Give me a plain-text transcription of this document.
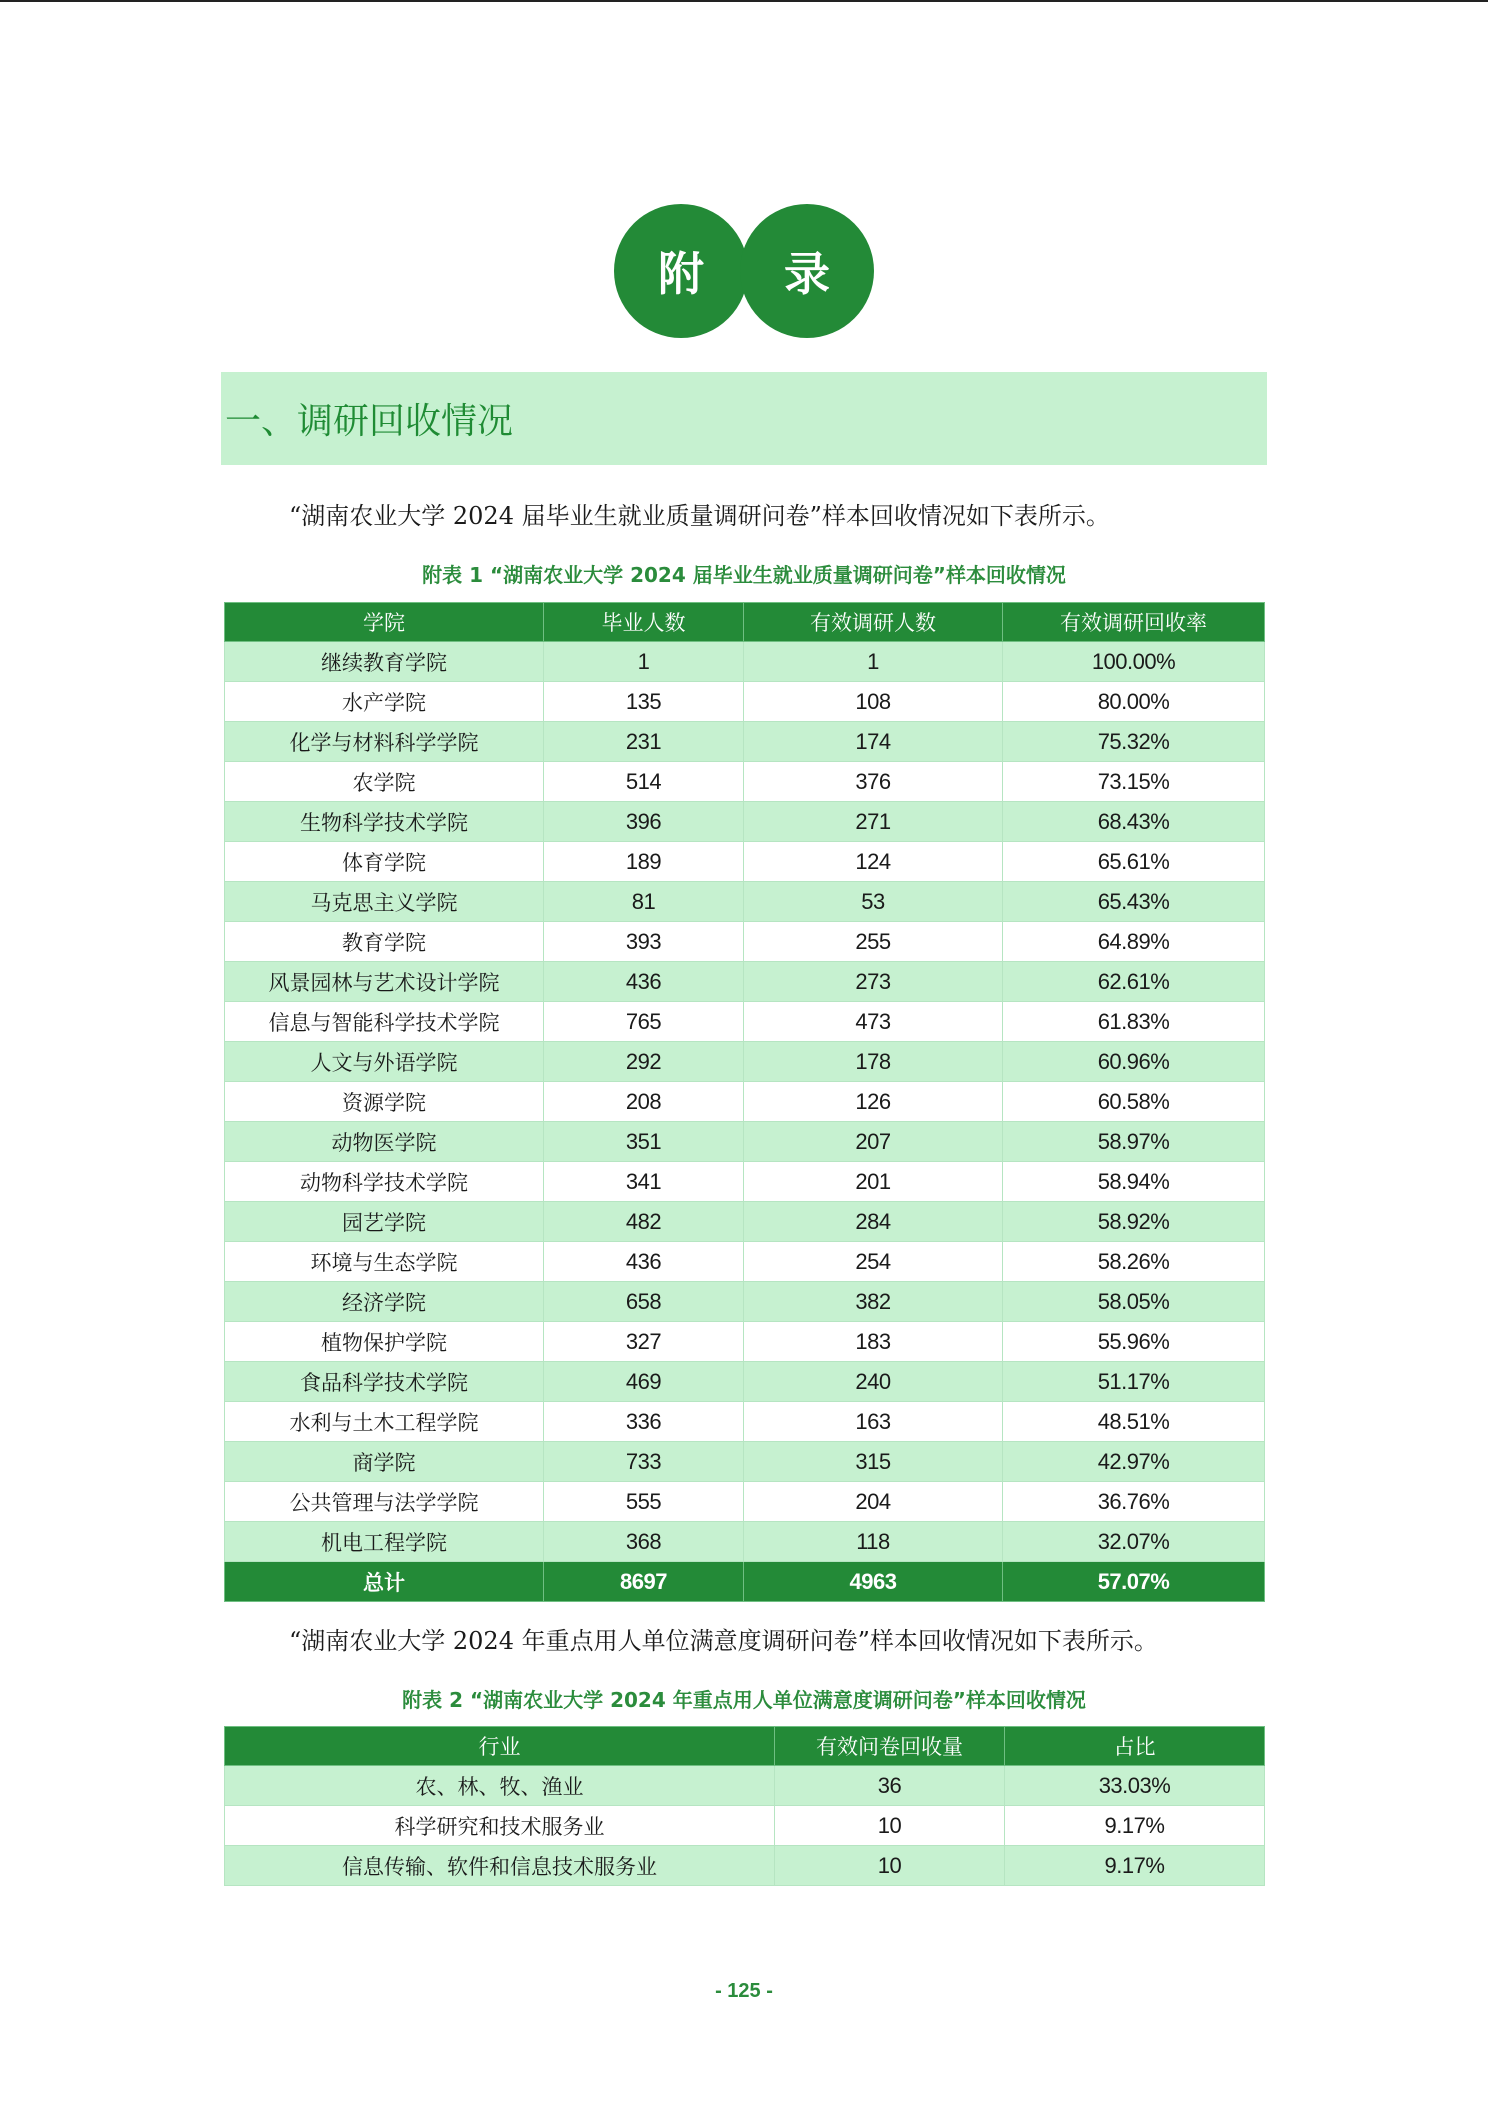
附	录
一、调研回收情况
“湖南农业大学 2024 届毕业生就业质量调研问卷”样本回收情况如下表所示。
附表 1 “湖南农业大学 2024 届毕业生就业质量调研问卷”样本回收情况
学院	毕业人数	有效调研人数	有效调研回收率
继续教育学院	1	1	100.00%
水产学院	135	108	80.00%
化学与材料科学学院	231	174	75.32%
农学院	514	376	73.15%
生物科学技术学院	396	271	68.43%
体育学院	189	124	65.61%
马克思主义学院	81	53	65.43%
教育学院	393	255	64.89%
风景园林与艺术设计学院	436	273	62.61%
信息与智能科学技术学院	765	473	61.83%
人文与外语学院	292	178	60.96%
资源学院	208	126	60.58%
动物医学院	351	207	58.97%
动物科学技术学院	341	201	58.94%
园艺学院	482	284	58.92%
环境与生态学院	436	254	58.26%
经济学院	658	382	58.05%
植物保护学院	327	183	55.96%
食品科学技术学院	469	240	51.17%
水利与土木工程学院	336	163	48.51%
商学院	733	315	42.97%
公共管理与法学学院	555	204	36.76%
机电工程学院	368	118	32.07%
总计	8697	4963	57.07%
“湖南农业大学 2024 年重点用人单位满意度调研问卷”样本回收情况如下表所示。
附表 2 “湖南农业大学 2024 年重点用人单位满意度调研问卷”样本回收情况
行业	有效问卷回收量	占比
农、林、牧、渔业	36	33.03%
科学研究和技术服务业	10	9.17%
信息传输、软件和信息技术服务业	10	9.17%
- 125 -
